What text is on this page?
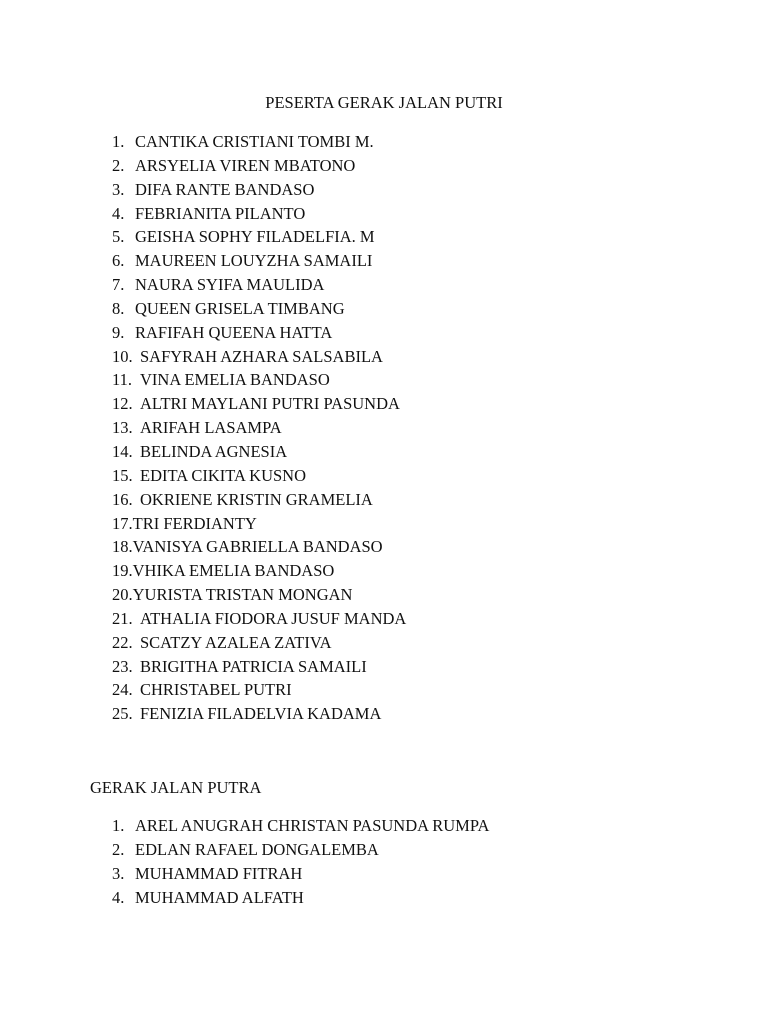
PESERTA GERAK JALAN PUTRI
1. CANTIKA CRISTIANI TOMBI M.
2. ARSYELIA VIREN MBATONO
3. DIFA RANTE BANDASO
4. FEBRIANITA PILANTO
5. GEISHA SOPHY FILADELFIA. M
6. MAUREEN LOUYZHA SAMAILI
7. NAURA SYIFA MAULIDA
8. QUEEN GRISELA TIMBANG
9. RAFIFAH QUEENA HATTA
10. SAFYRAH AZHARA SALSABILA
11. VINA EMELIA BANDASO
12. ALTRI MAYLANI PUTRI PASUNDA
13. ARIFAH LASAMPA
14. BELINDA AGNESIA
15. EDITA CIKITA KUSNO
16. OKRIENE KRISTIN GRAMELIA
17.TRI FERDIANTY
18.VANISYA GABRIELLA BANDASO
19.VHIKA EMELIA BANDASO
20.YURISTA TRISTAN MONGAN
21. ATHALIA FIODORA JUSUF MANDA
22. SCATZY AZALEA ZATIVA
23. BRIGITHA PATRICIA SAMAILI
24. CHRISTABEL PUTRI
25. FENIZIA FILADELVIA KADAMA
GERAK JALAN PUTRA
1. AREL ANUGRAH CHRISTAN PASUNDA RUMPA
2. EDLAN RAFAEL DONGALEMBA
3. MUHAMMAD FITRAH
4. MUHAMMAD ALFATH
